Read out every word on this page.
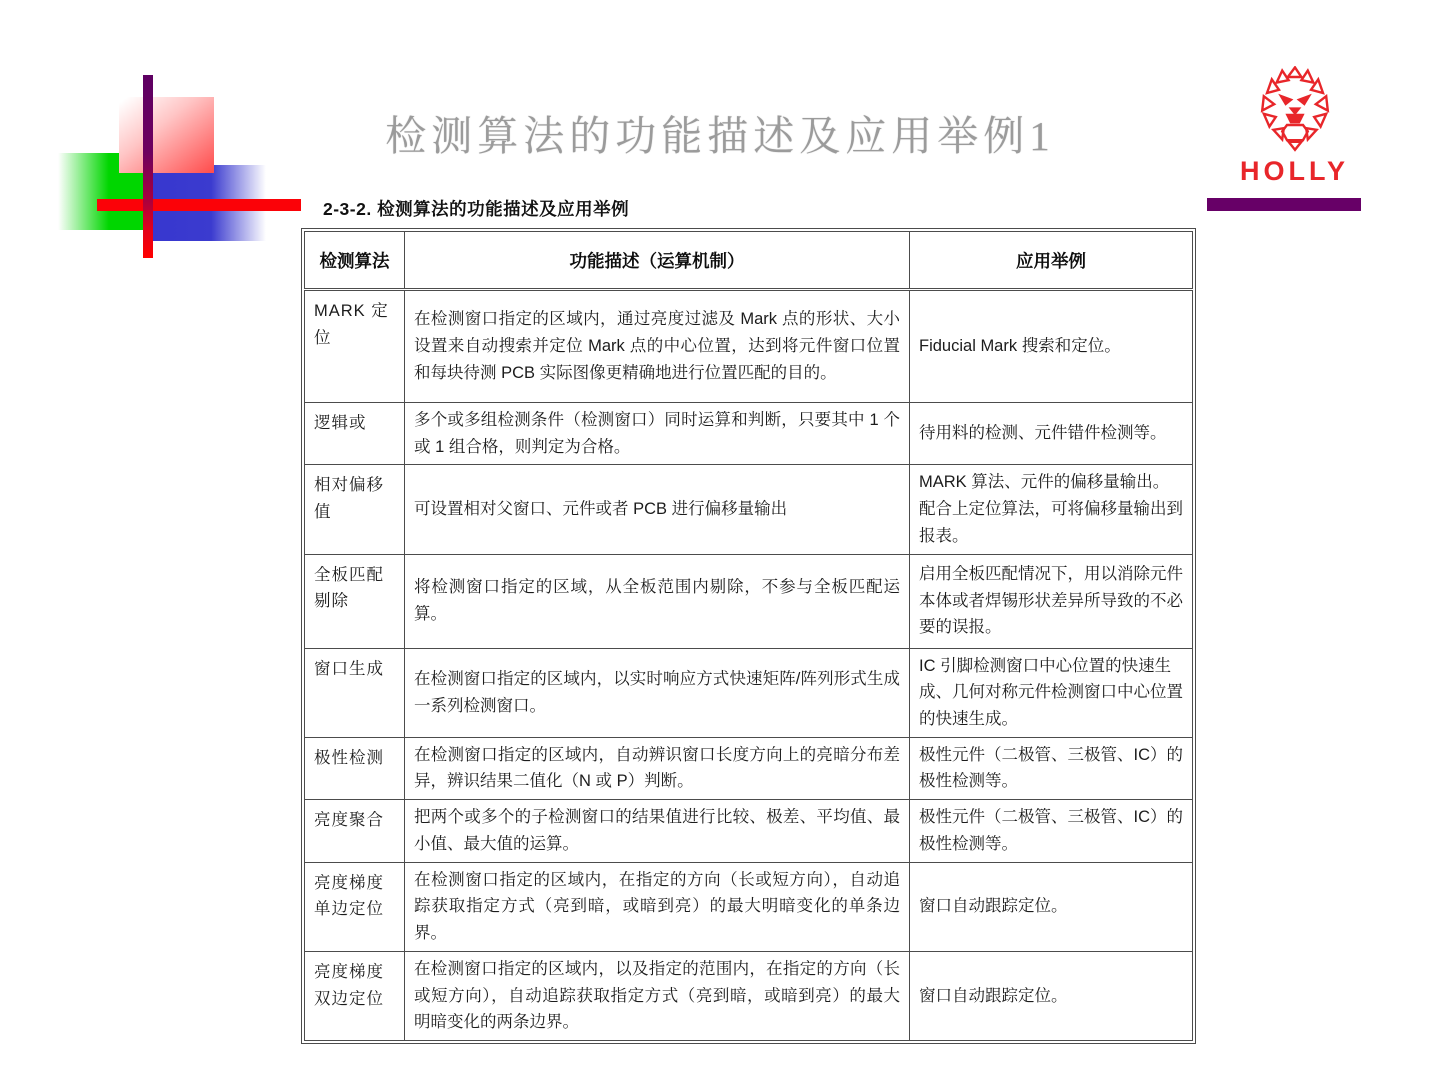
检测算法的功能描述及应用举例1
HOLLY
2-3-2. 检测算法的功能描述及应用举例
检测算法	功能描述（运算机制）	应用举例
MARK 定位	在检测窗口指定的区域内，通过亮度过滤及 Mark 点的形状、大小设置来自动搜索并定位 Mark 点的中心位置，达到将元件窗口位置和每块待测 PCB 实际图像更精确地进行位置匹配的目的。	Fiducial Mark 搜索和定位。
逻辑或	多个或多组检测条件（检测窗口）同时运算和判断，只要其中 1 个或 1 组合格，则判定为合格。	待用料的检测、元件错件检测等。
相对偏移值	可设置相对父窗口、元件或者 PCB 进行偏移量输出	MARK 算法、元件的偏移量输出。配合上定位算法，可将偏移量输出到报表。
全板匹配剔除	将检测窗口指定的区域，从全板范围内剔除，不参与全板匹配运算。	启用全板匹配情况下，用以消除元件本体或者焊锡形状差异所导致的不必要的误报。
窗口生成	在检测窗口指定的区域内，以实时响应方式快速矩阵/阵列形式生成一系列检测窗口。	IC 引脚检测窗口中心位置的快速生成、几何对称元件检测窗口中心位置的快速生成。
极性检测	在检测窗口指定的区域内，自动辨识窗口长度方向上的亮暗分布差异，辨识结果二值化（N 或 P）判断。	极性元件（二极管、三极管、IC）的极性检测等。
亮度聚合	把两个或多个的子检测窗口的结果值进行比较、极差、平均值、最小值、最大值的运算。	极性元件（二极管、三极管、IC）的极性检测等。
亮度梯度单边定位	在检测窗口指定的区域内，在指定的方向（长或短方向），自动追踪获取指定方式（亮到暗，或暗到亮）的最大明暗变化的单条边界。	窗口自动跟踪定位。
亮度梯度双边定位	在检测窗口指定的区域内，以及指定的范围内，在指定的方向（长或短方向），自动追踪获取指定方式（亮到暗，或暗到亮）的最大明暗变化的两条边界。	窗口自动跟踪定位。
